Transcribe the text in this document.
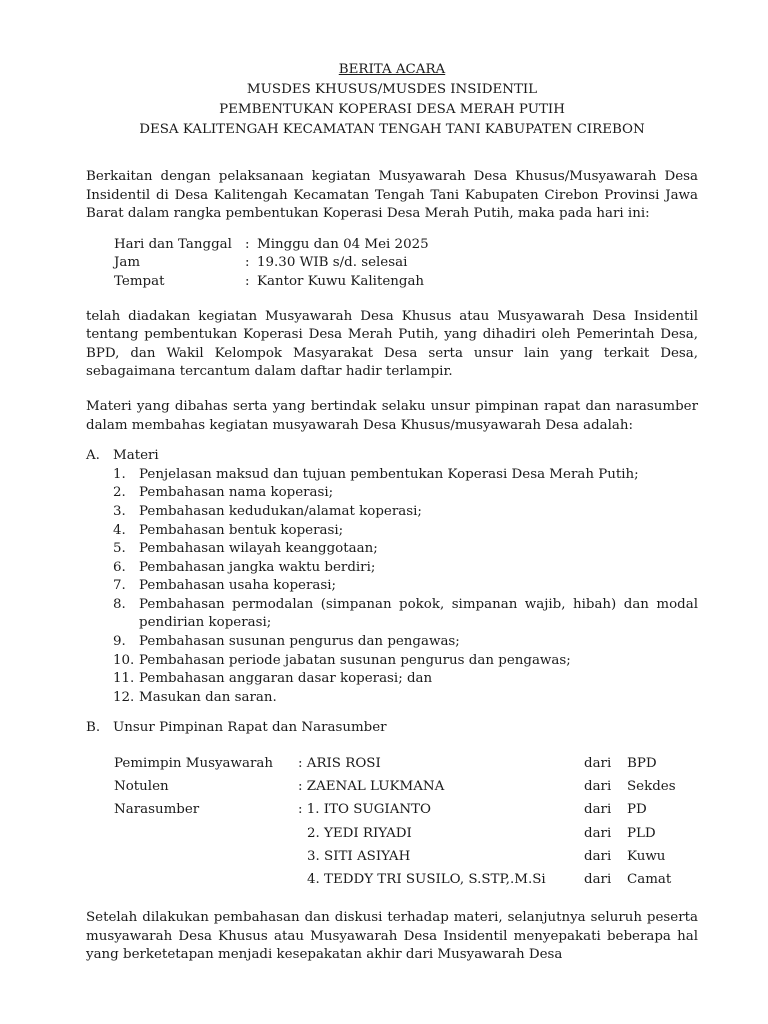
BERITA ACARA
MUSDES KHUSUS/MUSDES INSIDENTIL
PEMBENTUKAN KOPERASI DESA MERAH PUTIH
DESA KALITENGAH KECAMATAN TENGAH TANI KABUPATEN CIREBON

Berkaitan dengan pelaksanaan kegiatan Musyawarah Desa Khusus/Musyawarah Desa Insidentil di Desa Kalitengah Kecamatan Tengah Tani Kabupaten Cirebon Provinsi Jawa Barat dalam rangka pembentukan Koperasi Desa Merah Putih, maka pada hari ini:

Hari dan Tanggal : Minggu dan 04 Mei 2025
Jam	: 19.30 WIB s/d. selesai
Tempat	: Kantor Kuwu Kalitengah

telah diadakan kegiatan Musyawarah Desa Khusus atau Musyawarah Desa Insidentil tentang pembentukan Koperasi Desa Merah Putih, yang dihadiri oleh Pemerintah Desa, BPD, dan Wakil Kelompok Masyarakat Desa serta unsur lain yang terkait Desa, sebagaimana tercantum dalam daftar hadir terlampir.

Materi yang dibahas serta yang bertindak selaku unsur pimpinan rapat dan narasumber dalam membahas kegiatan musyawarah Desa Khusus/musyawarah Desa adalah:

A. Materi
1. Penjelasan maksud dan tujuan pembentukan Koperasi Desa Merah Putih;
2. Pembahasan nama koperasi;
3. Pembahasan kedudukan/alamat koperasi;
4. Pembahasan bentuk koperasi;
5. Pembahasan wilayah keanggotaan;
6. Pembahasan jangka waktu berdiri;
7. Pembahasan usaha koperasi;
8. Pembahasan permodalan (simpanan pokok, simpanan wajib, hibah) dan modal pendirian koperasi;
9. Pembahasan susunan pengurus dan pengawas;
10. Pembahasan periode jabatan susunan pengurus dan pengawas;
11. Pembahasan anggaran dasar koperasi; dan
12. Masukan dan saran.
B. Unsur Pimpinan Rapat dan Narasumber
Pemimpin Musyawarah	: ARIS ROSI	dari	BPD
Notulen	: ZAENAL LUKMANA	dari	Sekdes
Narasumber	: 1. ITO SUGIANTO	dari	PD
2. YEDI RIYADI	dari	PLD
3. SITI ASIYAH	dari	Kuwu
4. TEDDY TRI SUSILO, S.STP,.M.Si	dari	Camat

Setelah dilakukan pembahasan dan diskusi terhadap materi, selanjutnya seluruh peserta musyawarah Desa Khusus atau Musyawarah Desa Insidentil menyepakati beberapa hal yang berketetapan menjadi kesepakatan akhir dari Musyawarah Desa
